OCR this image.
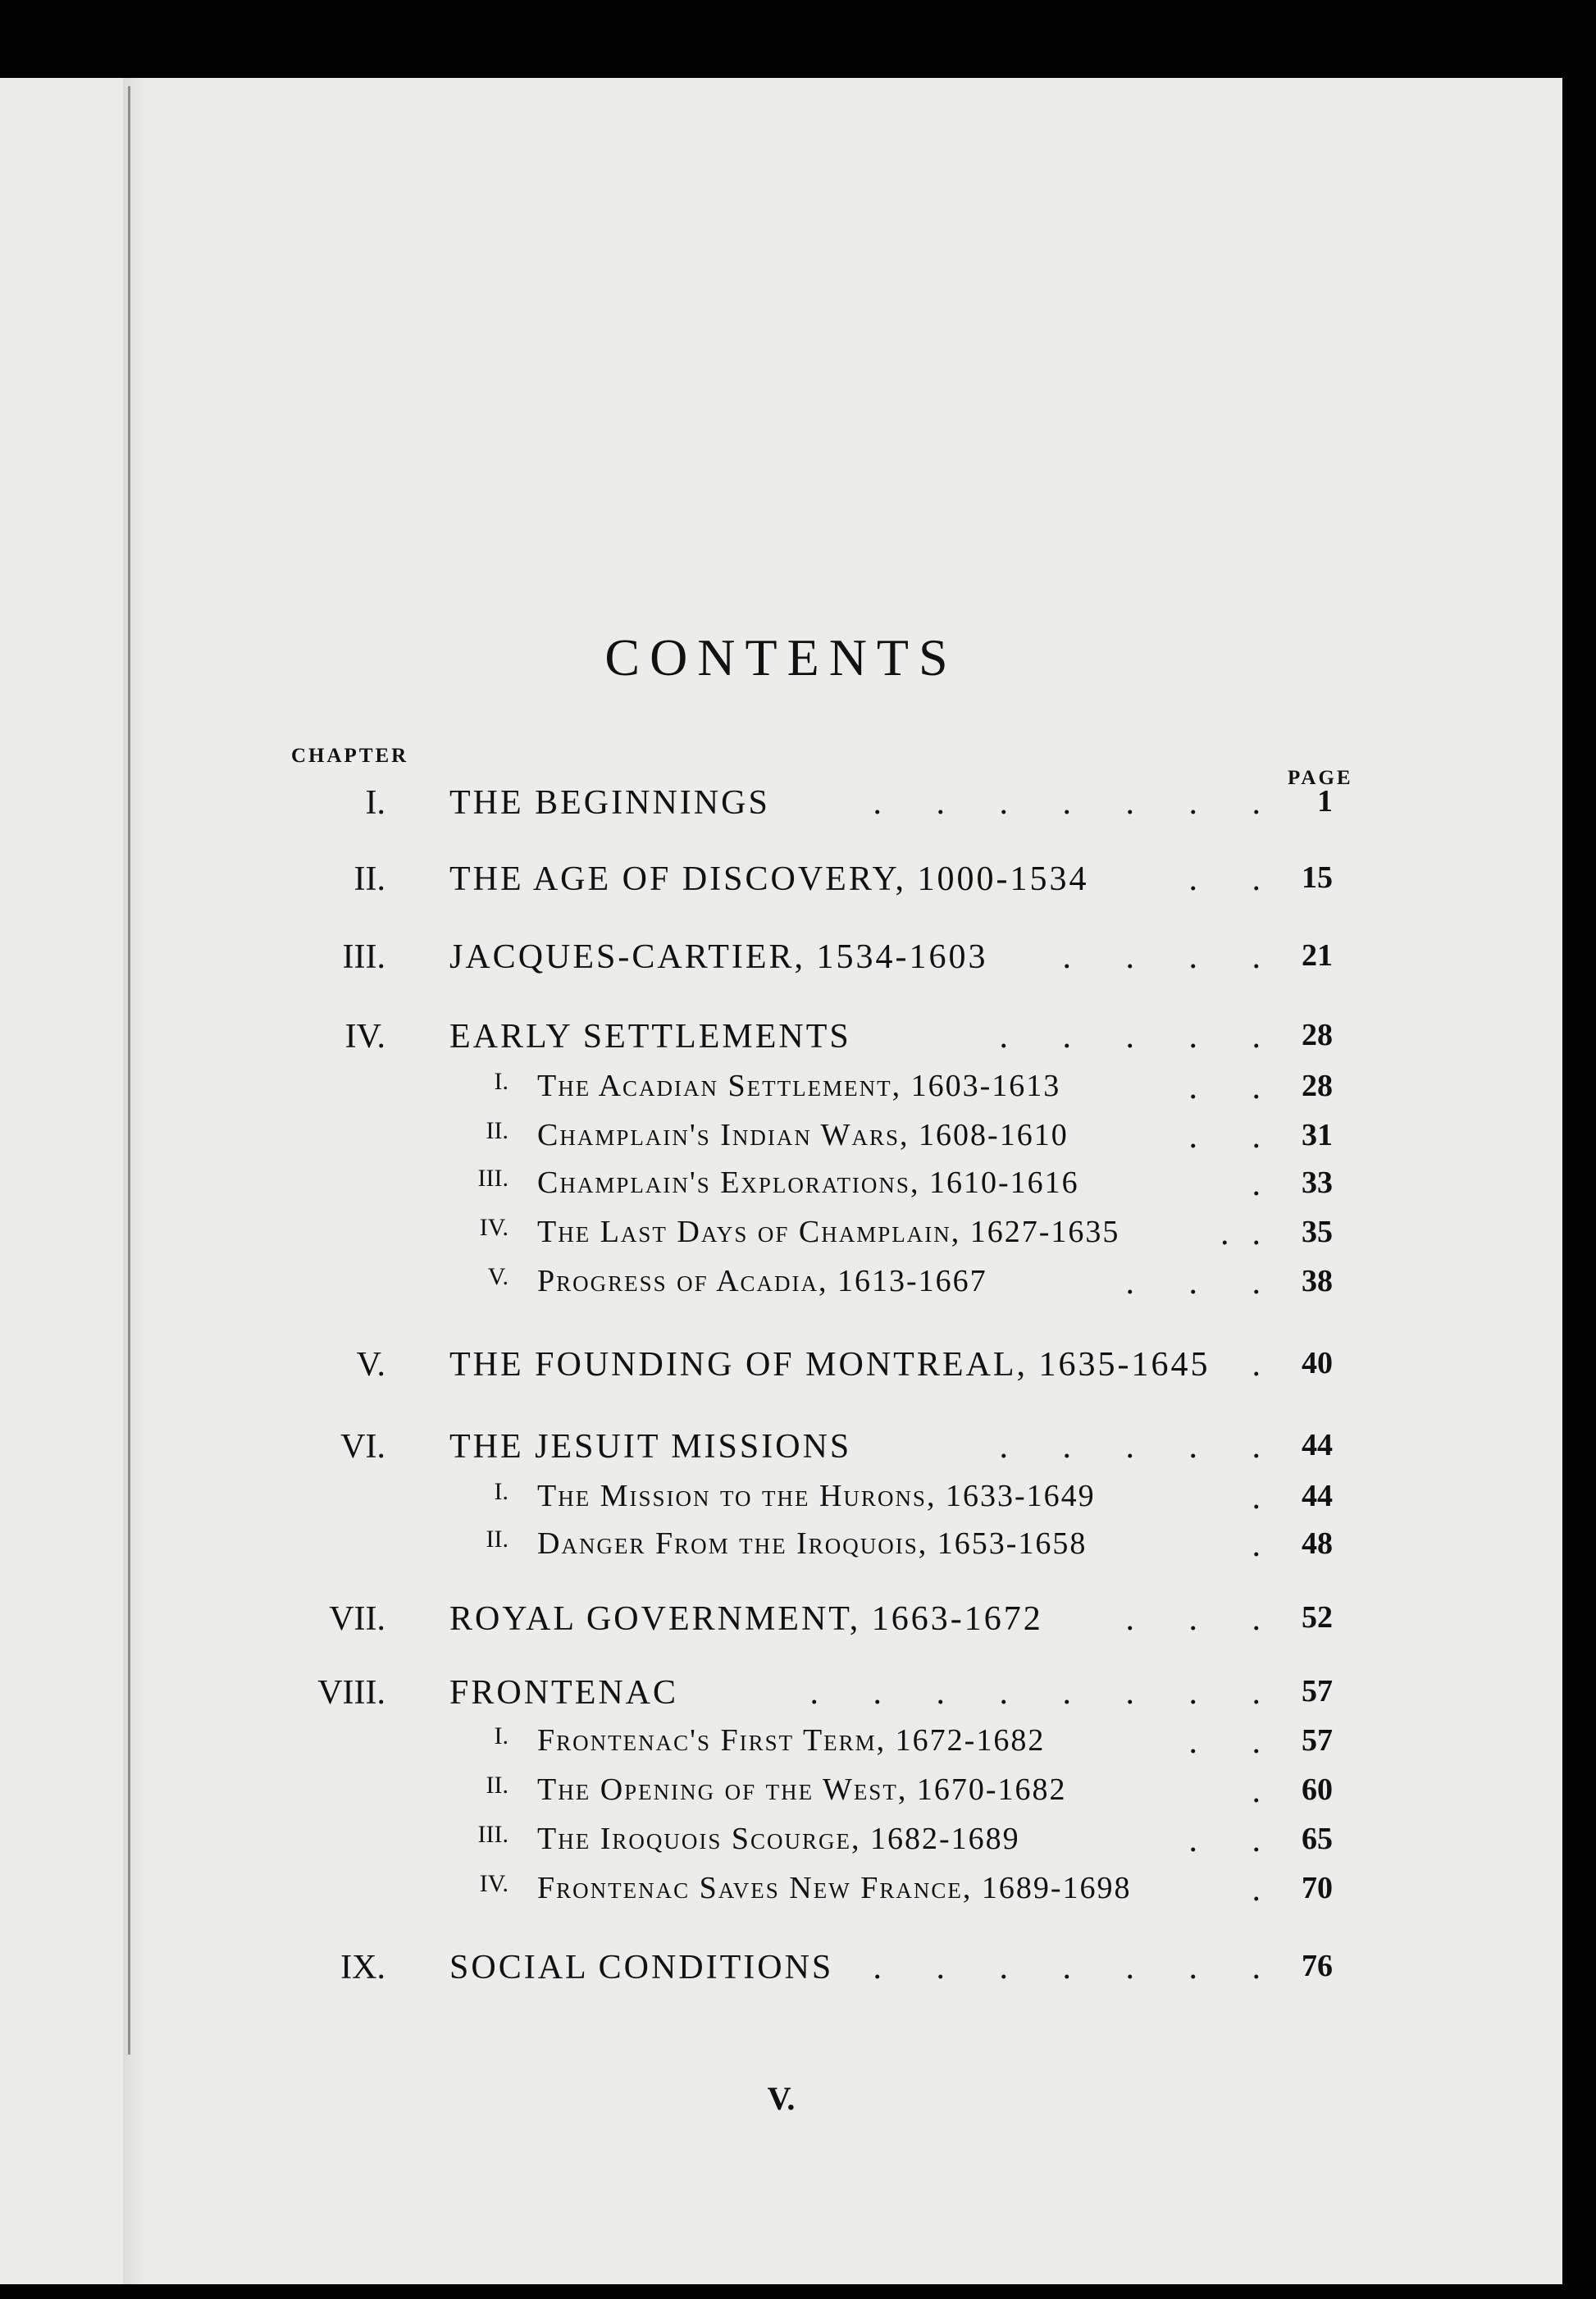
CONTENTS
CHAPTER
PAGE
I. THE BEGINNINGS	. . . . . . .	1
II. THE AGE OF DISCOVERY, 1000-1534	. . 15
III. JACQUES-CARTIER, 1534-1603 . . . . 21
IV. EARLY SETTLEMENTS	. . . . . 28
I. The Acadian Settlement, 1603-1613	. . 28
II. Champlain's Indian Wars, 1608-1610	. . 31
III. Champlain's Explorations, 1610-1616	. 33
IV. The Last Days of Champlain, 1627-1635	.. 35
V. Progress of Acadia, 1613-1667	. . . 38
V. THE FOUNDING OF MONTREAL, 1635-1645 . 40
VI. THE JESUIT MISSIONS	. . . . . 44
I. The Mission to the Hurons, 1633-1649	. 44
II. Danger From the Iroquois, 1653-1658	. 48
VII. ROYAL GOVERNMENT, 1663-1672 . . . 52
VIII. FRONTENAC	. . . . . . . . 57
I. Frontenac's First Term, 1672-1682	. . 57
II. The Opening of the West, 1670-1682	. 60
III. The Iroquois Scourge, 1682-1689	. . 65
IV. Frontenac Saves New France, 1689-1698	. 70
IX. SOCIAL CONDITIONS . . . . . . . 76
V.
